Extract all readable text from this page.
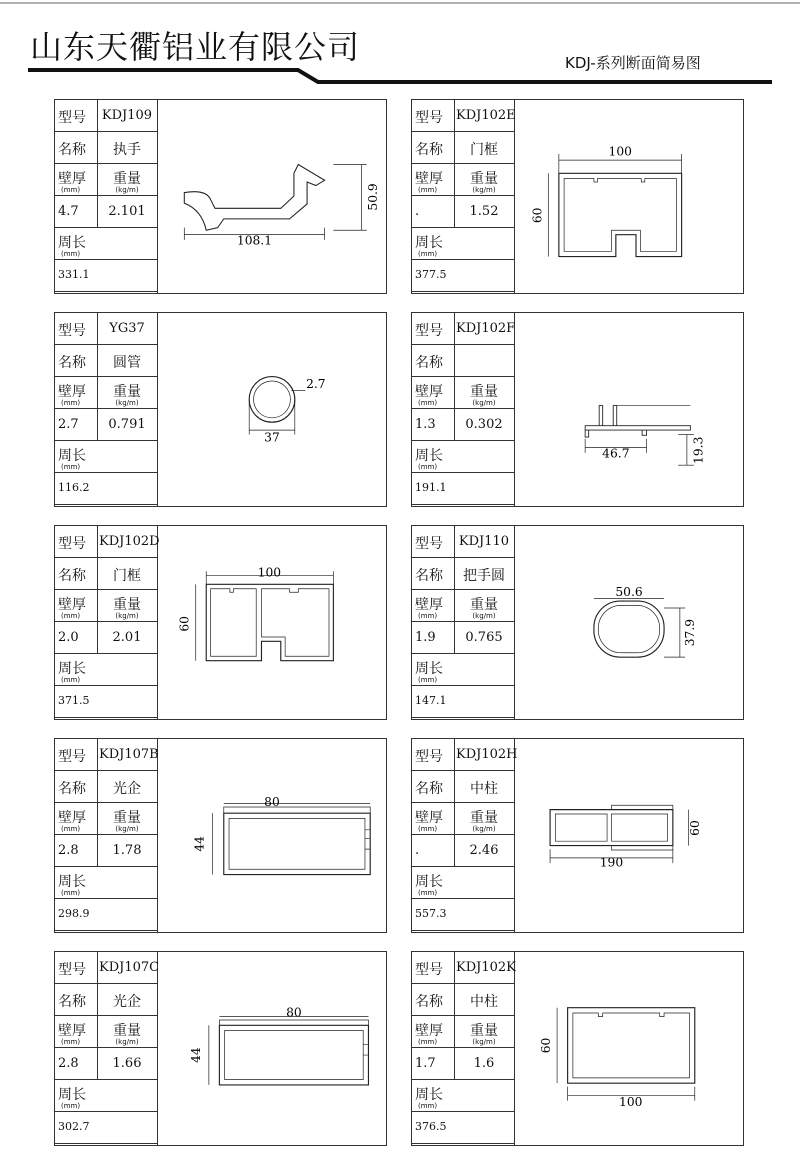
山东天衢铝业有限公司	KDJ-系列断面简易图
型号 KDJ109
名称	执手
壁厚
(mm)
重量
(kg/m)
4.7	2.101
周长
(mm)
331.1
108.1
50.9
型号 KDJ102E
名称	门框
壁厚
(mm)
重量
(kg/m)
.	1.52
周长
(mm)
377.5
100
60
型号	YG37
名称	圆管
壁厚
(mm)
重量
(kg/m)
2.7	0.791
周长
(mm)
116.2
2.7
37
型号 KDJ102F
名称
壁厚
(mm)
重量
(kg/m)
1.3	0.302
周长
(mm)
191.1
46.7	19.3
型号 KDJ102D
名称	门框
壁厚
(mm)
重量
(kg/m)
2.0	2.01
周长
(mm)
371.5
100
60
型号 KDJ110
名称	把手圆
壁厚
(mm)
重量
(kg/m)
1.9	0.765
周长
(mm)
147.1
50.6
37.9
型号 KDJ107B
名称	光企
壁厚
(mm)
重量
(kg/m)
2.8	1.78
周长
(mm)
298.9
80
44
型号 KDJ102H
名称	中柱
壁厚
(mm)
重量
(kg/m)
.	2.46
周长
(mm)
557.3
190
60
型号 KDJ107C
名称	光企
壁厚
(mm)
重量
(kg/m)
2.8	1.66
周长
(mm)
302.7
80
44
型号 KDJ102K
名称	中柱
壁厚
(mm)
重量
(kg/m)
1.7	1.6
周长
(mm)
376.5
100
60
